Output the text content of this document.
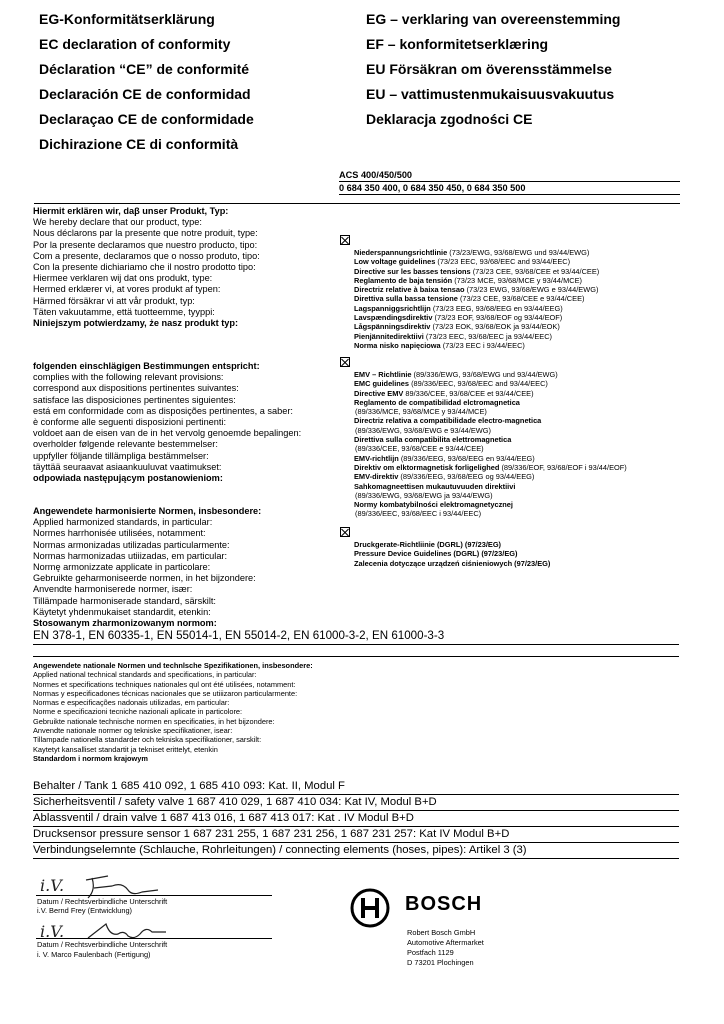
EG-Konformitätserklärung
EC declaration of conformity
Déclaration “CE” de conformité
Declaración CE de conformidad
Declaraçao CE de conformidade
Dichirazione CE di conformità
EG – verklaring van overeenstemming
EF – konformitetserklæring
EU Försäkran om överensstämmelse
EU – vattimustenmukaisuusvakuutus
Deklaracja zgodności CE
ACS 400/450/500
0 684 350 400, 0 684 350 450, 0 684 350 500
Hiermit erklären wir, daβ unser Produkt, Typ:
We hereby declare that our product, type:
Nous déclarons par la presente que notre produit, type:
Por la presente declaramos que nuestro producto, tipo:
Com a presente, declaramos que o nosso produto, tipo:
Con la presente dichiariamo che il nostro prodotto tipo:
Hiermee verklaren wij dat ons produkt, type:
Hermed erklærer vi, at vores produkt af typen:
Härmed försäkrar vi att vår produkt, typ:
Täten vakuutamme, että tuotteemme, tyyppi:
Niniejszym potwierdzamy, że nasz produkt typ:
folgenden einschlägigen Bestimmungen entspricht:
complies with the following relevant provisions:
correspond aux dispositions pertinentes suivantes:
satisface las disposiciones pertinentes siguientes:
está em conformidade com as disposições pertinentes, a saber:
è conforme alle seguenti disposizioni pertinenti:
voldoet aan de eisen van de in het vervolg genoemde bepalingen:
overholder følgende relevante bestemmelser:
uppfyller följande tillämpliga bestämmelser:
täyttää seuraavat asiaankuuluvat vaatimukset:
odpowiada następującym postanowieniom:
Angewendete harmonisierte Normen, insbesondere:
Applied harmonized standards, in particular:
Normes harrhonisée utilisées, notamment:
Normas armonizadas utilizadas particularmente:
Normas harmonizadas utiiizadas, em particular:
Normę armonizzate applicate in particolare:
Gebruikte geharmoniseerde normen, in het bijzondere:
Anvendte harmoniserede normer, især:
Tillämpade harmoniserade standard, särskilt:
Käytetyt yhdenmukaiset standardit, etenkin:
Stosowanym zharmonizowanym normom:
EN 378-1, EN 60335-1, EN 55014-1, EN 55014-2, EN 61000-3-2, EN 61000-3-3
Niederspannungsrichtlinie (73/23/EWG, 93/68/EWG und 93/44/EWG)
Low voltage guidelines (73/23 EEC, 93/68/EEC and 93/44/EEC)
Directive sur les basses tensions (73/23 CEE, 93/68/CEE et 93/44/CEE)
Reglamento de baja tensión (73/23 MCE, 93/68/MCE y 93/44/MCE)
Directriz relative à baixa tensao (73/23 EWG, 93/68/EWG e 93/44/EWG)
Direttiva sulla bassa tensione (73/23 CEE, 93/68/CEE e 93/44/CEE)
Lagspanniggsrichtlijn (73/23 EEG, 93/68/EEG en 93/44/EEG)
Lavspændingsdirektiv (73/23 EOF, 93/68/EOF og 93/44/EOF)
Lågspänningsdirektiv (73/23 EOK, 93/68/EOK ja 93/44/EOK)
Pienjännitedirektiivi (73/23 EEC, 93/68/EEC ja 93/44/EEC)
Norma nisko napięciowa (73/23 EEC i 93/44/EEC)
EMV – Richtlinie (89/336/EWG, 93/68/EWG und 93/44/EWG)
EMC guidelines (89/336/EEC, 93/68/EEC and 93/44/EEC)
Directive EMV 89/336/CEE, 93/68/CEE et 93/44/CEE)
Reglamento de compatibilidad elctromagnetica
(89/336/MCE, 93/68/MCE y 93/44/MCE)
Directriz relativa a compatibilidade electro-magnetica
(89/336/EWG, 93/68/EWG e 93/44/EWG)
Direttiva sulla compatibilita elettromagnetica
(89/336/CEE, 93/68/CEE e 93/44/CEE)
EMV-richtlijn (89/336/EEG, 93/68/EEG en 93/44/EEG)
Direktiv om elktormagnetisk forligelighed (89/336/EOF, 93/68/EOF i 93/44/EOF)
EMV-direktiv (89/336/EEG, 93/68/EEG og 93/44/EEG)
Sahkomagneettisen mukautuvuuden direktiivi
(89/336/EWG, 93/68/EWG ja 93/44/EWG)
Normy kombatybilności elektromagnetycznej
(89/336/EEC, 93/68/EEC i 93/44/EEC)
Druckgerate-Richtliinie (DGRL) (97/23/EG)
Pressure Device Guidelines (DGRL) (97/23/EG)
Zalecenia dotyczące urządzeń ciśnieniowych (97/23/EG)
Angewendete nationale Normen und technlsche Spezifikationen, insbesondere:
Applied national technical standards and specifications, in particular:
Normes et specifications techniques nationales qul ont été utilisées, notamment:
Normas y especificadones técnicas nacionales que se utiiizaron particularmente:
Normas e especificações nadonais utilizadas, em particular:
Norme e specificazioni tecniche nazionali aplicate in particolore:
Gebruikte nationale technische normen en specificaties, in het bijzondere:
Anvendte nationale normer og tekniske specifikationer, isear:
Tillampade nationella standarder och tekniska specifikationer, sarskilt:
Kaytetyt kansalliset standartit ja tekniset erittelyt, etenkin
Standardom i normom krajowym
Behalter / Tank 1 685 410 092, 1 685 410 093: Kat. II, Modul F
Sicherheitsventil / safety valve 1 687 410 029, 1 687 410 034: Kat IV, Modul B+D
Ablassventil / drain valve 1 687 413 016, 1 687 413 017: Kat . IV Modul B+D
Drucksensor pressure sensor 1 687 231 255, 1 687 231 256, 1 687 231 257: Kat IV Modul B+D
Verbindungselemnte (Schlauche, Rohrleitungen) / connecting elements (hoses, pipes): Artikel 3 (3)
i.V.
Datum / Rechtsverbindliche Unterschrift
i.V. Bernd Frey (Entwicklung)
i.V.
Datum / Rechtsverbindliche Unterschrift
i. V. Marco Faulenbach (Fertigung)
BOSCH
Robert Bosch GmbH
Automotive Aftermarket
Postfach 1129
D 73201 Plochingen
